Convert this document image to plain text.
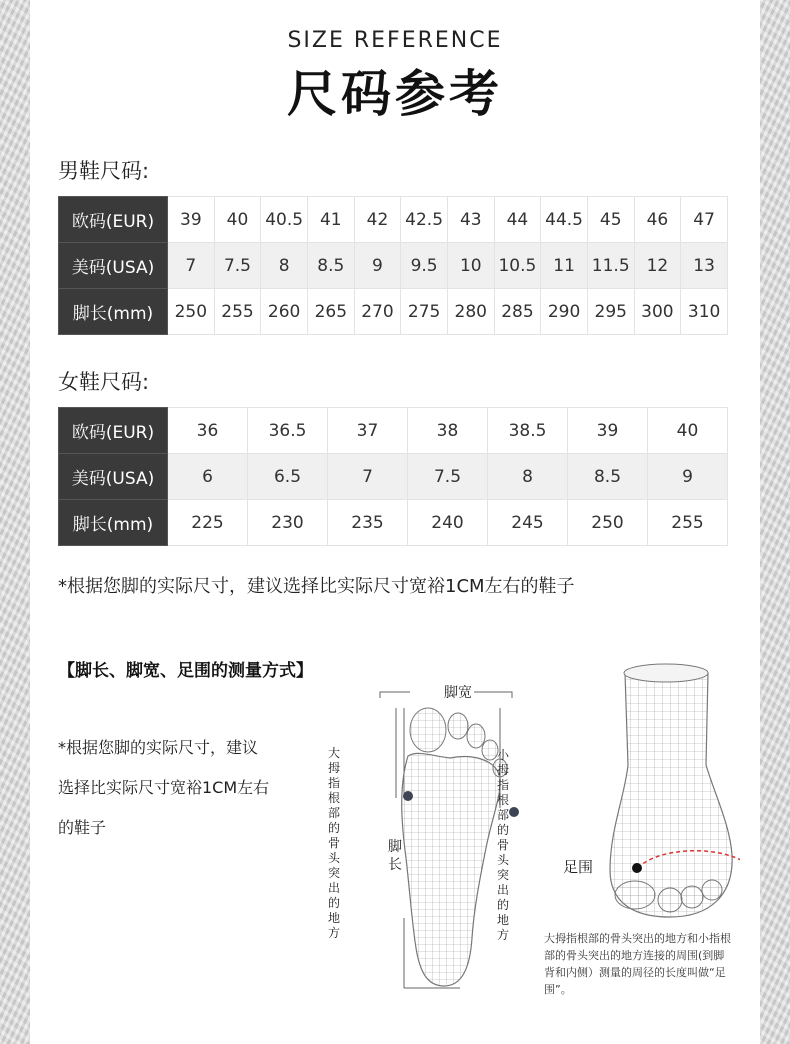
SIZE REFERENCE
尺码参考
男鞋尺码:
欧码(EUR)	39	40	40.5	41	42	42.5	43	44	44.5	45	46	47
美码(USA)	7	7.5	8	8.5	9	9.5	10	10.5	11	11.5	12	13
脚长(mm)	250	255	260	265	270	275	280	285	290	295	300	310
女鞋尺码:
欧码(EUR)	36	36.5	37	38	38.5	39	40
美码(USA)	6	6.5	7	7.5	8	8.5	9
脚长(mm)	225	230	235	240	245	250	255
*根据您脚的实际尺寸，建议选择比实际尺寸宽裕1CM左右的鞋子
【脚长、脚宽、足围的测量方式】
*根据您脚的实际尺寸，建议
选择比实际尺寸宽裕1CM左右
的鞋子
脚宽
脚长
大拇指根部的骨头突出的地方
小拇指根部的骨头突出的地方
足围
大拇指根部的骨头突出的地方和小指根部的骨头突出的地方连接的周围(到脚背和内侧）测量的周径的长度叫做“足围”。
